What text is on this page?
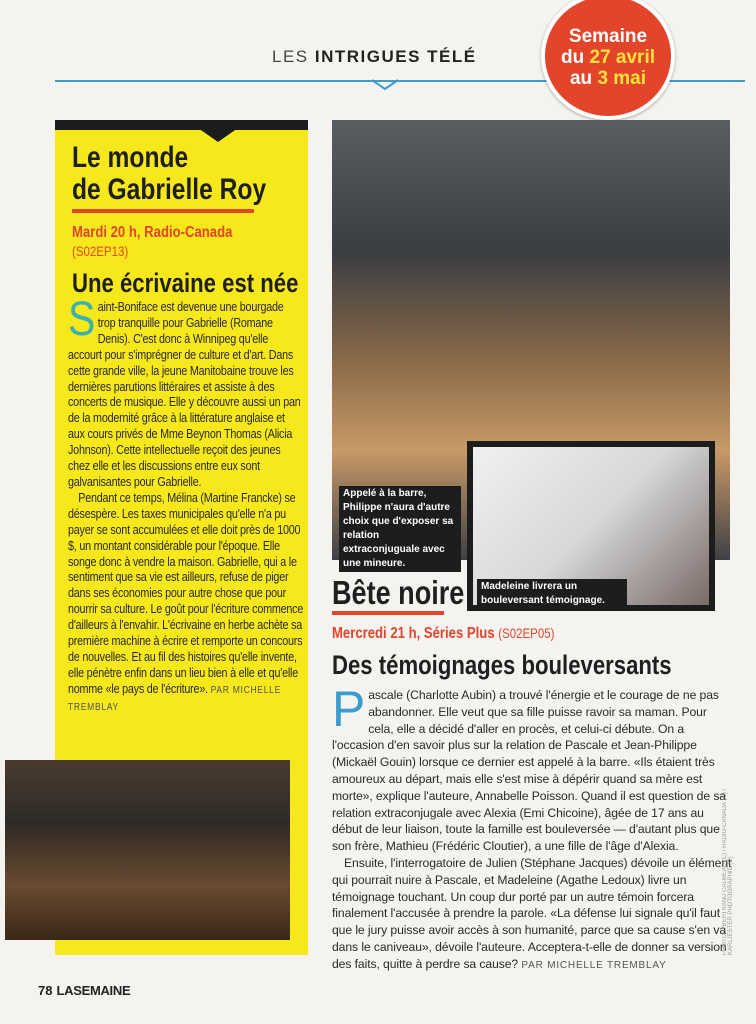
LES INTRIGUES TÉLÉ
Semaine
du 27 avril
au 3 mai
Le monde
de Gabrielle Roy
Mardi 20 h, Radio-Canada
(S02EP13)
Une écrivaine est née

Saint-Boniface est devenue une bourgade trop tranquille pour Gabrielle (Romane Denis). C'est donc à Winnipeg qu'elle accourt pour s'imprégner de culture et d'art. Dans cette grande ville, la jeune Manitobaine trouve les dernières parutions littéraires et assiste à des concerts de musique. Elle y découvre aussi un pan de la modernité grâce à la littérature anglaise et aux cours privés de Mme Beynon Thomas (Alicia Johnson). Cette intellectuelle reçoit des jeunes chez elle et les discussions entre eux sont galvanisantes pour Gabrielle.

Pendant ce temps, Mélina (Martine Francke) se désespère. Les taxes municipales qu'elle n'a pu payer se sont accumulées et elle doit près de 1000 $, un montant considérable pour l'époque. Elle songe donc à vendre la maison. Gabrielle, qui a le sentiment que sa vie est ailleurs, refuse de piger dans ses économies pour autre chose que pour nourrir sa culture. Le goût pour l'écriture commence d'ailleurs à l'envahir. L'écrivaine en herbe achète sa première machine à écrire et remporte un concours de nouvelles. Et au fil des histoires qu'elle invente, elle pénètre enfin dans un lieu bien à elle et qu'elle nomme «le pays de l'écriture». PAR MICHELLE TREMBLAY

Appelé à la barre, Philippe n'aura d'autre choix que d'exposer sa relation extraconjuguale avec une mineure.
Madeleine livrera un bouleversant témoignage.
Bête noire
Mercredi 21 h, Séries Plus (S02EP05)
Des témoignages bouleversants

Pascale (Charlotte Aubin) a trouvé l'énergie et le courage de ne pas abandonner. Elle veut que sa fille puisse ravoir sa maman. Pour cela, elle a décidé d'aller en procès, et celui-ci débute. On a l'occasion d'en savoir plus sur la relation de Pascale et Jean-Philippe (Mickaël Gouin) lorsque ce dernier est appelé à la barre. «Ils étaient très amoureux au départ, mais elle s'est mise à dépérir quand sa mère est morte», explique l'auteure, Annabelle Poisson. Quand il est question de sa relation extraconjugale avec Alexia (Emi Chicoine), âgée de 17 ans au début de leur liaison, toute la famille est bouleversée — d'autant plus que son frère, Mathieu (Frédéric Cloutier), a une fille de l'âge d'Alexia.

Ensuite, l'interrogatoire de Julien (Stéphane Jacques) dévoile un élément qui pourrait nuire à Pascale, et Madeleine (Agathe Ledoux) livre un témoignage touchant. Un coup dur porté par un autre témoin forcera finalement l'accusée à prendre la parole. «La défense lui signale qu'il faut que le jury puisse avoir accès à son humanité, parce que sa cause s'en va dans le caniveau», dévoile l'auteure. Acceptera-t-elle de donner sa version des faits, quitte à perdre sa cause? PAR MICHELLE TREMBLAY

PHOTOS: BERTRAND CALMEAU (C) / RADIO-CANADA (C) / KARLJESTER PHOTOGRAPHIE (C)
78 LASEMAINE
